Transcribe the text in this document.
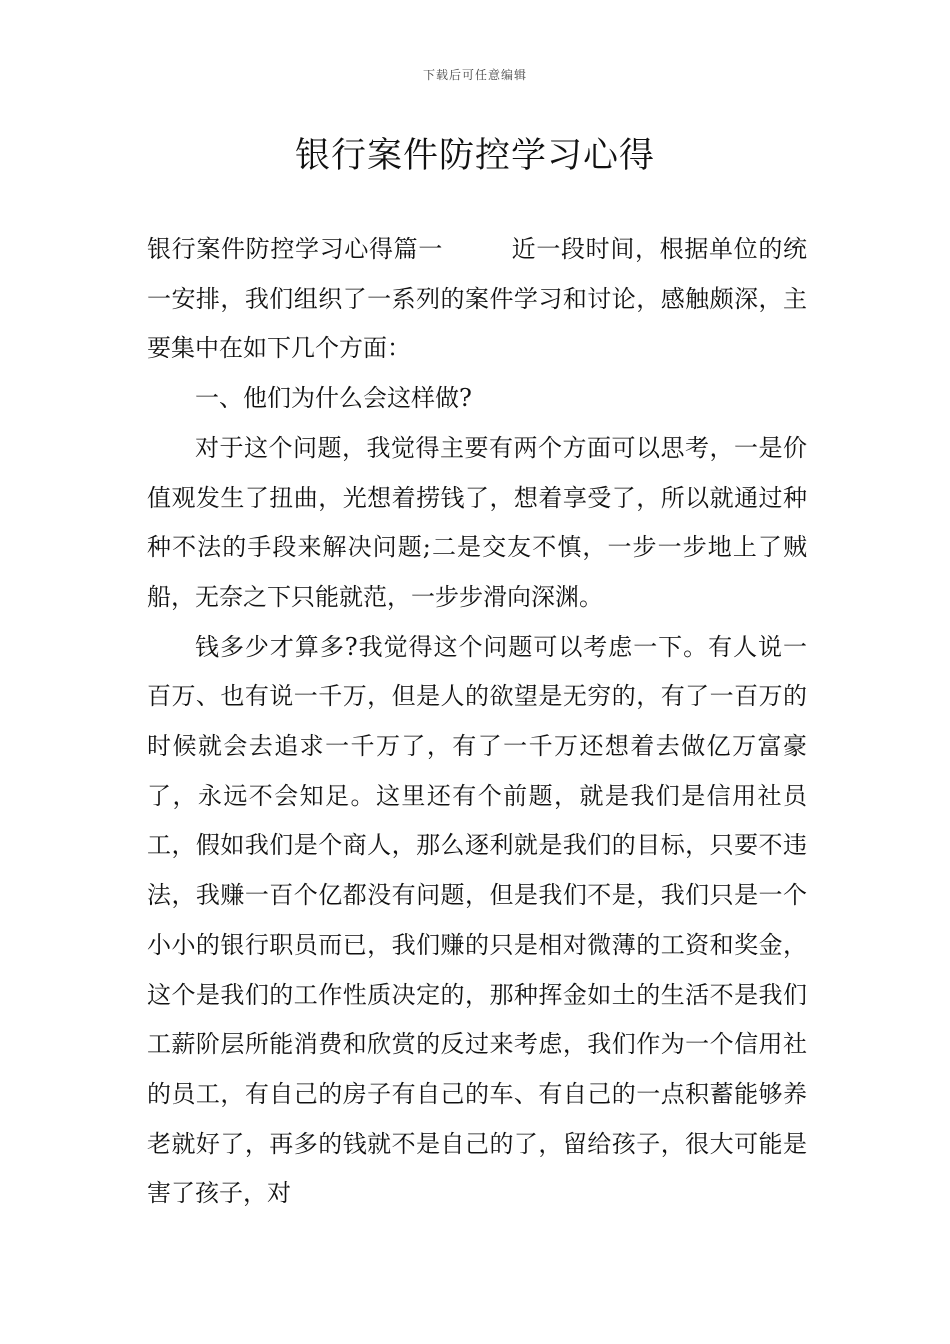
下载后可任意编辑
银行案件防控学习心得

银行案件防控学习心得篇一	近一段时间，根据单位的统一安排，我们组织了一系列的案件学习和讨论，感触颇深，主要集中在如下几个方面：

一、他们为什么会这样做?

对于这个问题，我觉得主要有两个方面可以思考，一是价值观发生了扭曲，光想着捞钱了，想着享受了，所以就通过种种不法的手段来解决问题;二是交友不慎，一步一步地上了贼船，无奈之下只能就范，一步步滑向深渊。

钱多少才算多?我觉得这个问题可以考虑一下。有人说一百万、也有说一千万，但是人的欲望是无穷的，有了一百万的时候就会去追求一千万了，有了一千万还想着去做亿万富豪了，永远不会知足。这里还有个前题，就是我们是信用社员工，假如我们是个商人，那么逐利就是我们的目标，只要不违法，我赚一百个亿都没有问题，但是我们不是，我们只是一个小小的银行职员而已，我们赚的只是相对微薄的工资和奖金，这个是我们的工作性质决定的，那种挥金如土的生活不是我们工薪阶层所能消费和欣赏的反过来考虑，我们作为一个信用社的员工，有自己的房子有自己的车、有自己的一点积蓄能够养老就好了，再多的钱就不是自己的了，留给孩子，很大可能是害了孩子，对
